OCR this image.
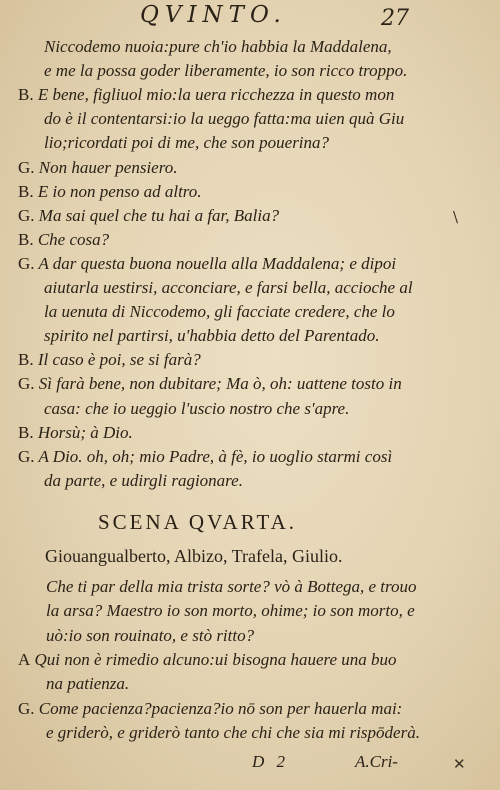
QVINTO.	27
Niccodemo nuoia:pure ch'io habbia la Maddalena,
e me la possa goder liberamente, io son ricco troppo.
B. E bene, figliuol mio:la uera ricchezza in questo mon
do è il contentarsi:io la ueggo fatta:ma uien quà Giu
lio;ricordati poi di me, che son pouerina?
G. Non hauer pensiero.
B. E io non penso ad altro.
G. Ma sai quel che tu hai a far, Balia?
B. Che cosa?
G. A dar questa buona nouella alla Maddalena; e dipoi
aiutarla uestirsi, acconciare, e farsi bella, accioche al
la uenuta di Niccodemo, gli facciate credere, che lo
spirito nel partirsi, u'habbia detto del Parentado.
B. Il caso è poi, se si farà?
G. Sì farà bene, non dubitare; Ma ò, oh: uattene tosto in
casa: che io ueggio l'uscio nostro che s'apre.
B. Horsù; à Dio.
G. A Dio. oh, oh; mio Padre, à fè, io uoglio starmi così
da parte, e udirgli ragionare.
SCENA QVARTA.
Giouangualberto, Albizo, Trafela, Giulio.
Che ti par della mia trista sorte? vò à Bottega, e trouo
la arsa? Maestro io son morto, ohime; io son morto, e
uò:io son rouinato, e stò ritto?
A Qui non è rimedio alcuno:ui bisogna hauere una buo
na patienza.
G. Come pacienza?pacienza?io nō son per hauerla mai:
e griderò, e griderò tanto che chi che sia mi rispōderà.
D 2	A.Cri-
\
✕
